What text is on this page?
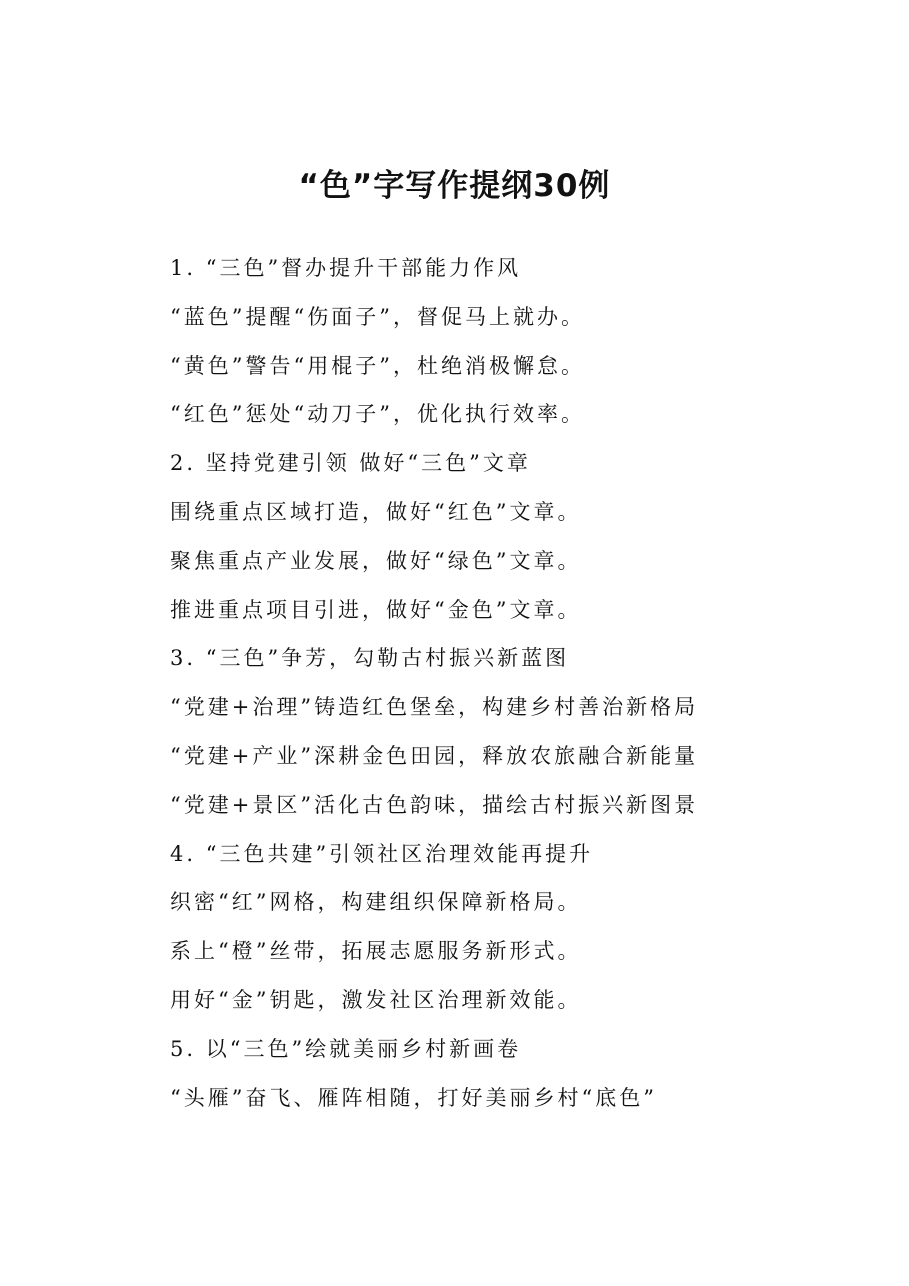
“色”字写作提纲30例
1. “三色”督办提升干部能力作风
“蓝色”提醒“伤面子”，督促马上就办。
“黄色”警告“用棍子”，杜绝消极懈怠。
“红色”惩处“动刀子”，优化执行效率。
2. 坚持党建引领 做好“三色”文章
围绕重点区域打造，做好“红色”文章。
聚焦重点产业发展，做好“绿色”文章。
推进重点项目引进，做好“金色”文章。
3. “三色”争芳，勾勒古村振兴新蓝图
“党建+治理”铸造红色堡垒，构建乡村善治新格局
“党建+产业”深耕金色田园，释放农旅融合新能量
“党建+景区”活化古色韵味，描绘古村振兴新图景
4. “三色共建”引领社区治理效能再提升
织密“红”网格，构建组织保障新格局。
系上“橙”丝带，拓展志愿服务新形式。
用好“金”钥匙，激发社区治理新效能。
5. 以“三色”绘就美丽乡村新画卷
“头雁”奋飞、雁阵相随，打好美丽乡村“底色”
